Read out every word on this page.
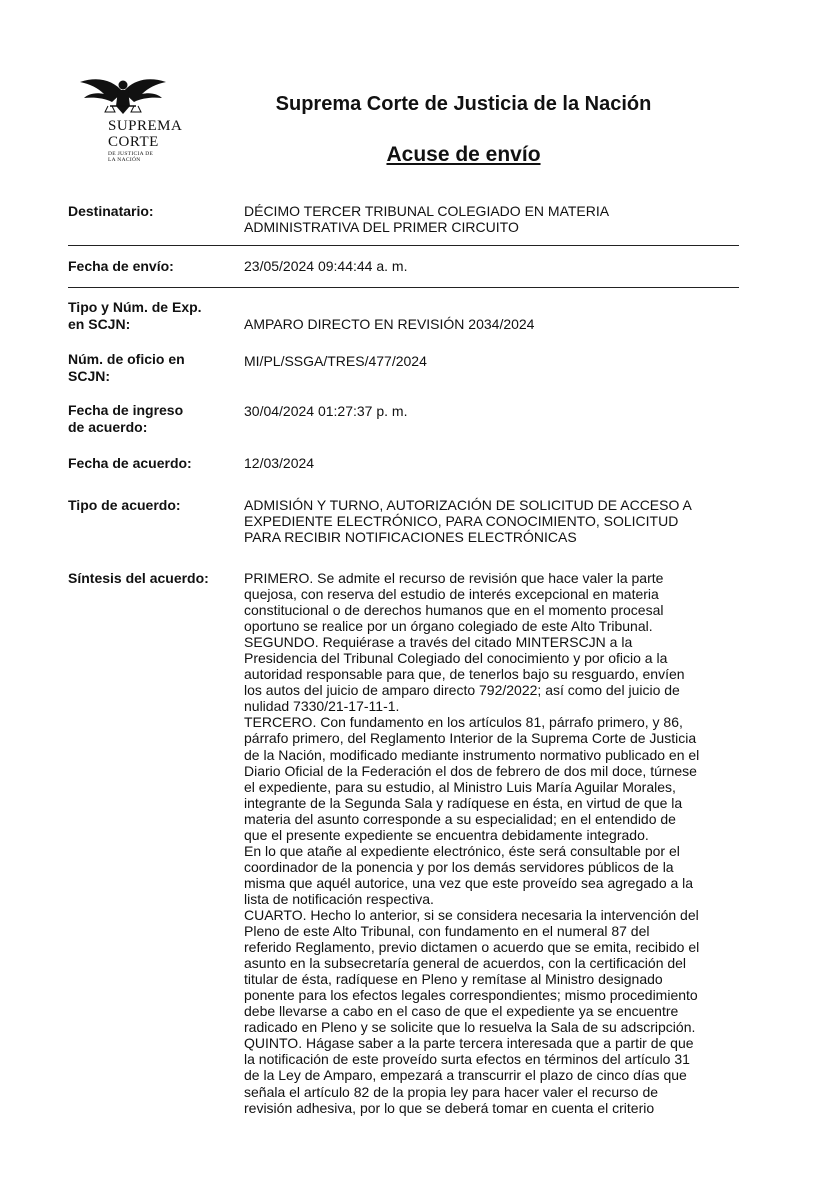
SUPREMA
CORTE
DE JUSTICIA DE
LA NACIÓN
Suprema Corte de Justicia de la Nación
Acuse de envío
Destinatario:	DÉCIMO TERCER TRIBUNAL COLEGIADO EN MATERIA
ADMINISTRATIVA DEL PRIMER CIRCUITO
Fecha de envío:	23/05/2024 09:44:44 a. m.
Tipo y Núm. de Exp.
en SCJN:	AMPARO DIRECTO EN REVISIÓN 2034/2024
Núm. de oficio en
SCJN:
MI/PL/SSGA/TRES/477/2024
Fecha de ingreso
de acuerdo:
30/04/2024 01:27:37 p. m.
Fecha de acuerdo:	12/03/2024
Tipo de acuerdo:	ADMISIÓN Y TURNO, AUTORIZACIÓN DE SOLICITUD DE ACCESO A
EXPEDIENTE ELECTRÓNICO, PARA CONOCIMIENTO, SOLICITUD
PARA RECIBIR NOTIFICACIONES ELECTRÓNICAS
Síntesis del acuerdo:	PRIMERO. Se admite el recurso de revisión que hace valer la parte

quejosa, con reserva del estudio de interés excepcional en materia

constitucional o de derechos humanos que en el momento procesal

oportuno se realice por un órgano colegiado de este Alto Tribunal.

SEGUNDO. Requiérase a través del citado MINTERSCJN a la

Presidencia del Tribunal Colegiado del conocimiento y por oficio a la

autoridad responsable para que, de tenerlos bajo su resguardo, envíen

los autos del juicio de amparo directo 792/2022; así como del juicio de

nulidad 7330/21-17-11-1.

TERCERO. Con fundamento en los artículos 81, párrafo primero, y 86,

párrafo primero, del Reglamento Interior de la Suprema Corte de Justicia

de la Nación, modificado mediante instrumento normativo publicado en el

Diario Oficial de la Federación el dos de febrero de dos mil doce, túrnese

el expediente, para su estudio, al Ministro Luis María Aguilar Morales,

integrante de la Segunda Sala y radíquese en ésta, en virtud de que la

materia del asunto corresponde a su especialidad; en el entendido de

que el presente expediente se encuentra debidamente integrado.

En lo que atañe al expediente electrónico, éste será consultable por el

coordinador de la ponencia y por los demás servidores públicos de la

misma que aquél autorice, una vez que este proveído sea agregado a la

lista de notificación respectiva.

CUARTO. Hecho lo anterior, si se considera necesaria la intervención del

Pleno de este Alto Tribunal, con fundamento en el numeral 87 del

referido Reglamento, previo dictamen o acuerdo que se emita, recibido el

asunto en la subsecretaría general de acuerdos, con la certificación del

titular de ésta, radíquese en Pleno y remítase al Ministro designado

ponente para los efectos legales correspondientes; mismo procedimiento

debe llevarse a cabo en el caso de que el expediente ya se encuentre

radicado en Pleno y se solicite que lo resuelva la Sala de su adscripción.

QUINTO. Hágase saber a la parte tercera interesada que a partir de que

la notificación de este proveído surta efectos en términos del artículo 31

de la Ley de Amparo, empezará a transcurrir el plazo de cinco días que

señala el artículo 82 de la propia ley para hacer valer el recurso de

revisión adhesiva, por lo que se deberá tomar en cuenta el criterio
